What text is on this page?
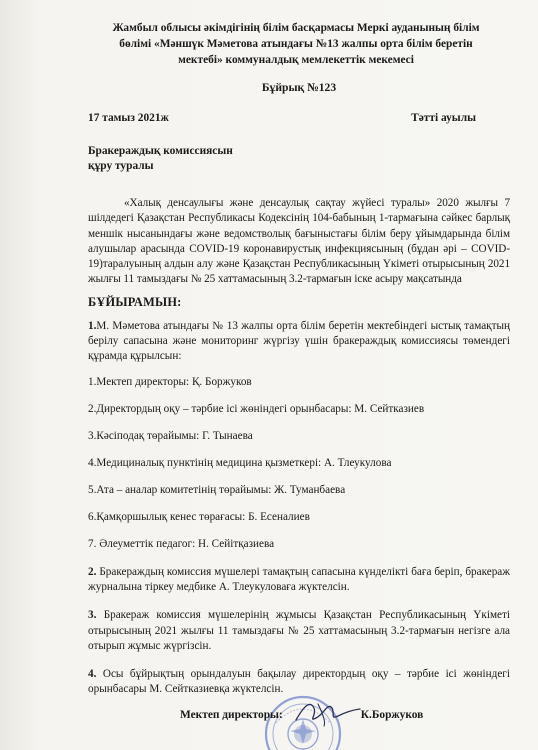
Жамбыл облысы әкімдігінің білім басқармасы Меркі ауданының білім
бөлімі «Мәншүк Мәметова атындағы №13 жалпы орта білім беретін
мектебі» коммуналдық мемлекеттік мекемесі
Бұйрық №123
17 тамыз 2021ж	Тәтті ауылы
Бракераждық комиссиясын
құру туралы
«Халық денсаулығы және денсаулық сақтау жүйесі туралы» 2020 жылғы 7 шілдедегі Қазақстан Республикасы Кодексінің 104-бабының 1-тармағына сәйкес барлық меншік нысанындағы және ведомстволық бағыныстағы білім беру ұйымдарында білім алушылар арасында COVID-19 коронавирустық инфекциясының (бұдан әрі – COVID-19)таралуының алдын алу және Қазақстан Республикасының Үкіметі отырысының 2021 жылғы 11 тамыздағы № 25 хаттамасының 3.2-тармағын іске асыру мақсатында
БҰЙЫРАМЫН:
1.М. Мәметова атындағы № 13 жалпы орта білім беретін мектебіндегі ыстық тамақтың берілу сапасына және мониторинг жүргізу үшін бракераждық комиссиясы төмендегі құрамда құрылсын:
1.Мектеп директоры: Қ. Боржуков
2.Директордың оқу – тәрбие ісі жөніндегі орынбасары: М. Сейтказиев
3.Кәсіподақ төрайымы: Г. Тынаева
4.Медициналық пунктінің медицина қызметкері: А. Тлеукулова
5.Ата – аналар комитетінің төрайымы: Ж. Туманбаева
6.Қамқоршылық кенес төрағасы: Б. Есеналиев
7. Әлеуметтік педагог: Н. Сейітқазиева
2. Бракераждың комиссия мүшелері тамақтың сапасына күнделікті баға беріп, бракераж журналына тіркеу медбике А. Тлеукуловаға жүктелсін.
3. Бракераж комиссия мүшелерінің жұмысы Қазақстан Республикасының Үкіметі отырысының 2021 жылғы 11 тамыздағы № 25 хаттамасының 3.2-тармағын негізге ала отырып жұмыс жүргізсін.
4. Осы бұйрықтың орындалуын бақылау директордың оқу – тәрбие ісі жөніндегі орынбасары М. Сейтказиевқа жүктелсін.
Мектеп директоры:	К.Боржуков
